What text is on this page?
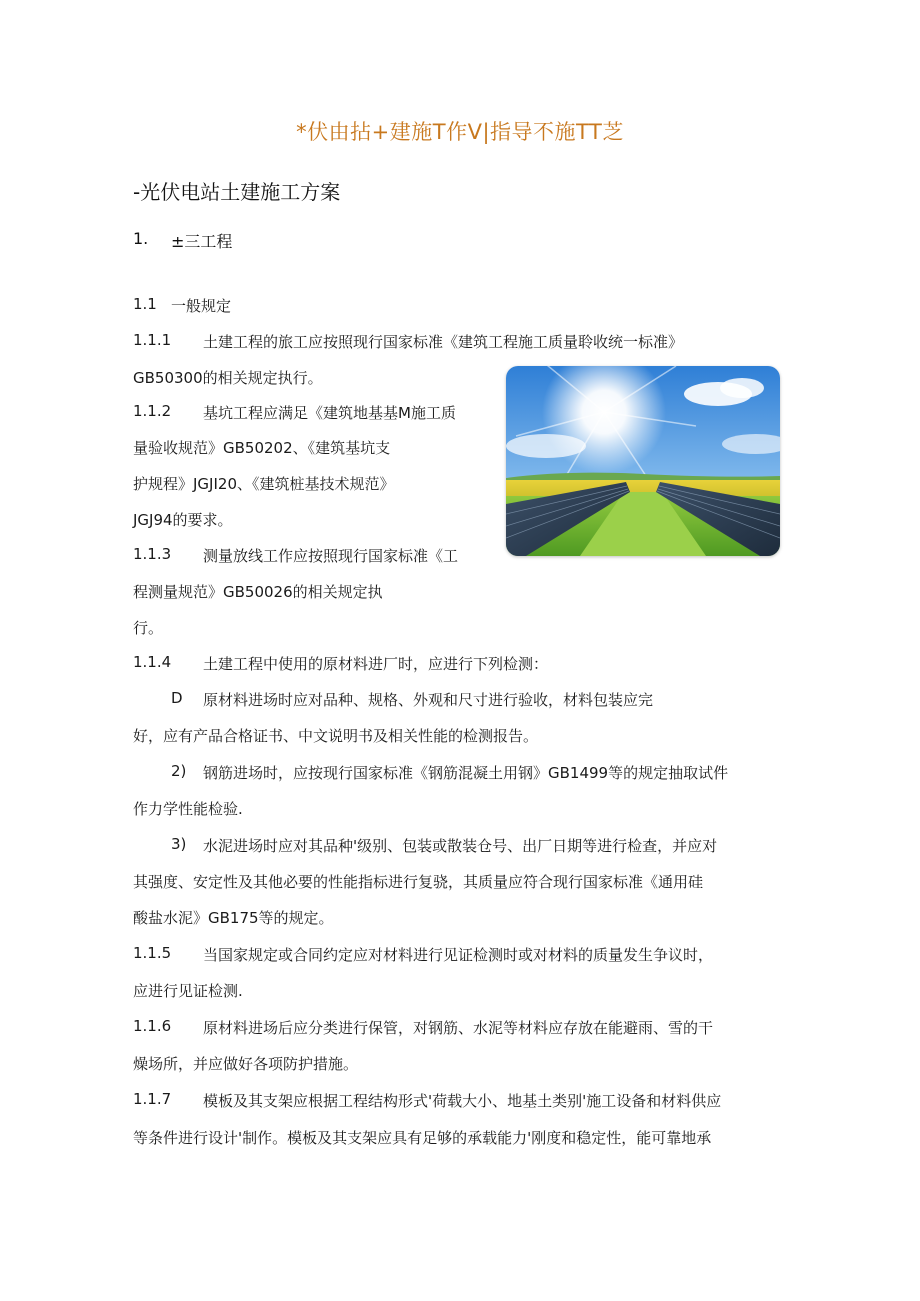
*伏由拈+建施T作V|指导不施TT芝
-光伏电站土建施工方案
1. ±三工程
1.1 一般规定
1.1.1 土建工程的旅工应按照现行国家标准《建筑工程施工质量聆收统一标准》
GB50300的相关规定执行。
1.1.2 基坑工程应满足《建筑地基基M施工质
量验收规范》GB50202、《建筑基坑支
护规程》JGJI20、《建筑桩基技术规范》
JGJ94的要求。
1.1.3 测量放线工作应按照现行国家标准《工
程测量规范》GB50026的相关规定执
行。
1.1.4 土建工程中使用的原材料进厂时，应进行下列检测：
D 原材料进场时应对品种、规格、外观和尺寸进行验收，材料包装应完
好，应有产品合格证书、中文说明书及相关性能的检测报告。
2) 钢筋进场时，应按现行国家标准《钢筋混凝土用钢》GB1499等的规定抽取试件
作力学性能检验.
3) 水泥进场时应对其品种'级别、包装或散装仓号、出厂日期等进行检查，并应对
其强度、安定性及其他必要的性能指标进行复骁，其质量应符合现行国家标准《通用硅
酸盐水泥》GB175等的规定。
1.1.5 当国家规定或合同约定应对材料进行见证检测时或对材料的质量发生争议时，
应进行见证检测.
1.1.6 原材料进场后应分类进行保管，对钢筋、水泥等材料应存放在能避雨、雪的干
燥场所，并应做好各项防护措施。
1.1.7 模板及其支架应根据工程结构形式'荷载大小、地基土类别'施工设备和材料供应
等条件进行设计'制作。模板及其支架应具有足够的承载能力'刚度和稳定性，能可靠地承
